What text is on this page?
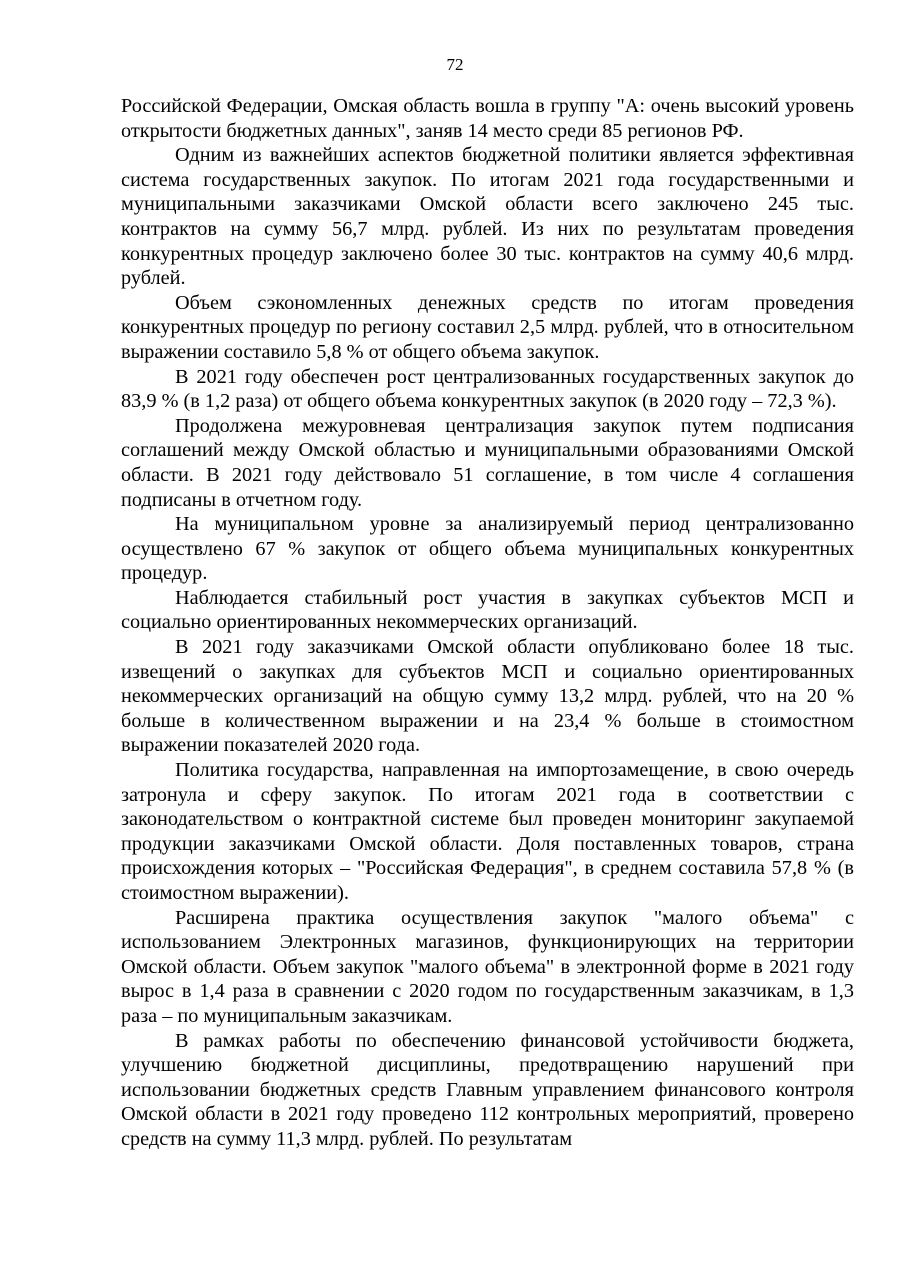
72

Российской Федерации, Омская область вошла в группу "А: очень высокий уровень открытости бюджетных данных", заняв 14 место среди 85 регионов РФ.

Одним из важнейших аспектов бюджетной политики является эффективная система государственных закупок. По итогам 2021 года государственными и муниципальными заказчиками Омской области всего заключено 245 тыс. контрактов на сумму 56,7 млрд. рублей. Из них по результатам проведения конкурентных процедур заключено более 30 тыс. контрактов на сумму 40,6 млрд. рублей.

Объем сэкономленных денежных средств по итогам проведения конкурентных процедур по региону составил 2,5 млрд. рублей, что в относительном выражении составило 5,8 % от общего объема закупок.

В 2021 году обеспечен рост централизованных государственных закупок до 83,9 % (в 1,2 раза) от общего объема конкурентных закупок (в 2020 году – 72,3 %).

Продолжена межуровневая централизация закупок путем подписания соглашений между Омской областью и муниципальными образованиями Омской области. В 2021 году действовало 51 соглашение, в том числе 4 соглашения подписаны в отчетном году.

На муниципальном уровне за анализируемый период централизованно осуществлено 67 % закупок от общего объема муниципальных конкурентных процедур.

Наблюдается стабильный рост участия в закупках субъектов МСП и социально ориентированных некоммерческих организаций.

В 2021 году заказчиками Омской области опубликовано более 18 тыс. извещений о закупках для субъектов МСП и социально ориентированных некоммерческих организаций на общую сумму 13,2 млрд. рублей, что на 20 % больше в количественном выражении и на 23,4 % больше в стоимостном выражении показателей 2020 года.

Политика государства, направленная на импортозамещение, в свою очередь затронула и сферу закупок. По итогам 2021 года в соответствии с законодательством о контрактной системе был проведен мониторинг закупаемой продукции заказчиками Омской области. Доля поставленных товаров, страна происхождения которых – "Российская Федерация", в среднем составила 57,8 % (в стоимостном выражении).

Расширена практика осуществления закупок "малого объема" с использованием Электронных магазинов, функционирующих на территории Омской области. Объем закупок "малого объема" в электронной форме в 2021 году вырос в 1,4 раза в сравнении с 2020 годом по государственным заказчикам, в 1,3 раза – по муниципальным заказчикам.

В рамках работы по обеспечению финансовой устойчивости бюджета, улучшению бюджетной дисциплины, предотвращению нарушений при использовании бюджетных средств Главным управлением финансового контроля Омской области в 2021 году проведено 112 контрольных мероприятий, проверено средств на сумму 11,3 млрд. рублей. По результатам
